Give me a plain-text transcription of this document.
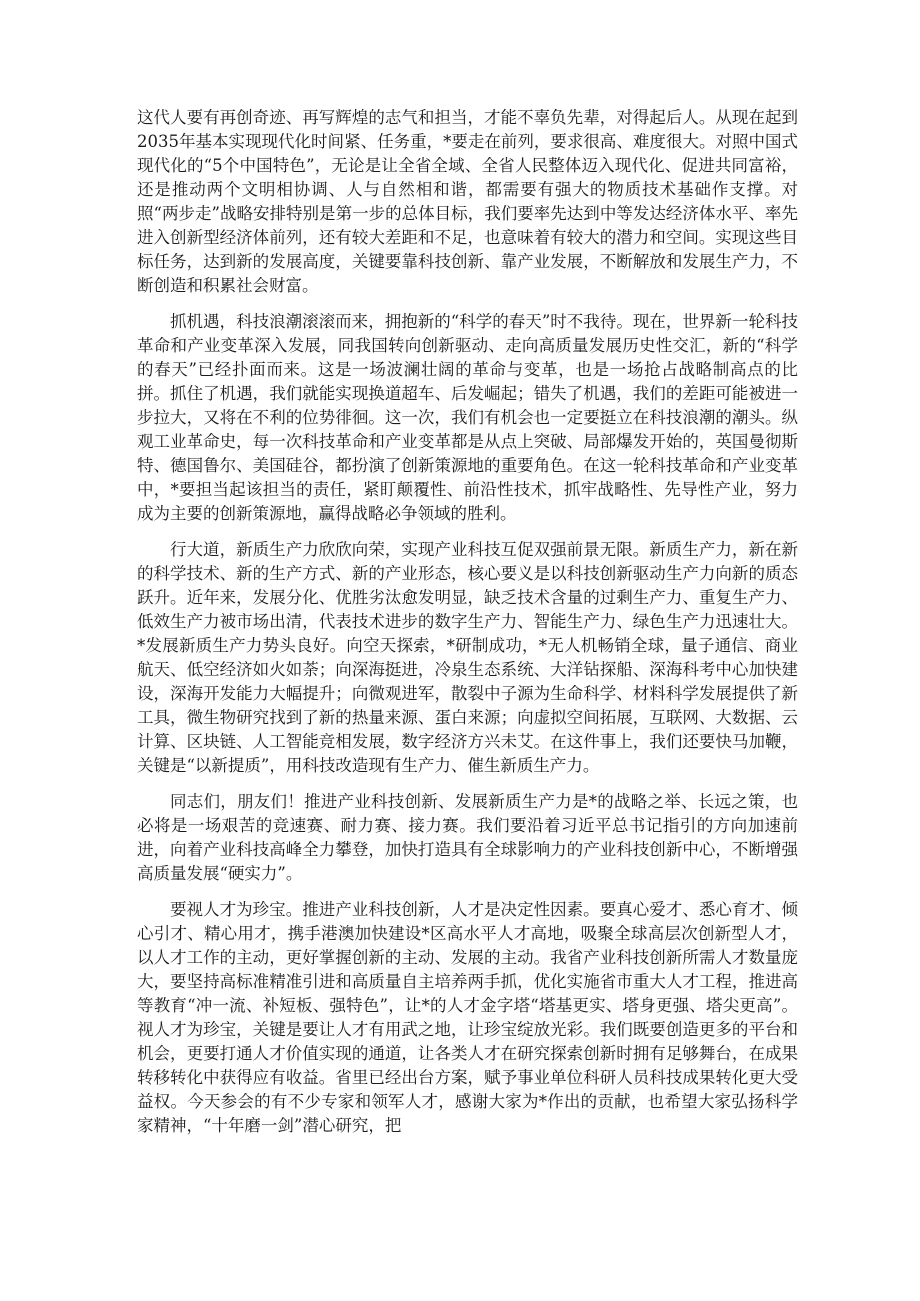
这代人要有再创奇迹、再写辉煌的志气和担当，才能不辜负先辈，对得起后人。从现在起到2035年基本实现现代化时间紧、任务重，*要走在前列，要求很高、难度很大。对照中国式现代化的“5个中国特色”，无论是让全省全域、全省人民整体迈入现代化、促进共同富裕，还是推动两个文明相协调、人与自然相和谐，都需要有强大的物质技术基础作支撑。对照“两步走”战略安排特别是第一步的总体目标，我们要率先达到中等发达经济体水平、率先进入创新型经济体前列，还有较大差距和不足，也意味着有较大的潜力和空间。实现这些目标任务，达到新的发展高度，关键要靠科技创新、靠产业发展，不断解放和发展生产力，不断创造和积累社会财富。

抓机遇，科技浪潮滚滚而来，拥抱新的“科学的春天”时不我待。现在，世界新一轮科技革命和产业变革深入发展，同我国转向创新驱动、走向高质量发展历史性交汇，新的“科学的春天”已经扑面而来。这是一场波澜壮阔的革命与变革，也是一场抢占战略制高点的比拼。抓住了机遇，我们就能实现换道超车、后发崛起；错失了机遇，我们的差距可能被进一步拉大，又将在不利的位势徘徊。这一次，我们有机会也一定要挺立在科技浪潮的潮头。纵观工业革命史，每一次科技革命和产业变革都是从点上突破、局部爆发开始的，英国曼彻斯特、德国鲁尔、美国硅谷，都扮演了创新策源地的重要角色。在这一轮科技革命和产业变革中，*要担当起该担当的责任，紧盯颠覆性、前沿性技术，抓牢战略性、先导性产业，努力成为主要的创新策源地，赢得战略必争领域的胜利。

行大道，新质生产力欣欣向荣，实现产业科技互促双强前景无限。新质生产力，新在新的科学技术、新的生产方式、新的产业形态，核心要义是以科技创新驱动生产力向新的质态跃升。近年来，发展分化、优胜劣汰愈发明显，缺乏技术含量的过剩生产力、重复生产力、低效生产力被市场出清，代表技术进步的数字生产力、智能生产力、绿色生产力迅速壮大。*发展新质生产力势头良好。向空天探索，*研制成功，*无人机畅销全球，量子通信、商业航天、低空经济如火如荼；向深海挺进，冷泉生态系统、大洋钻探船、深海科考中心加快建设，深海开发能力大幅提升；向微观进军，散裂中子源为生命科学、材料科学发展提供了新工具，微生物研究找到了新的热量来源、蛋白来源；向虚拟空间拓展，互联网、大数据、云计算、区块链、人工智能竞相发展，数字经济方兴未艾。在这件事上，我们还要快马加鞭，关键是“以新提质”，用科技改造现有生产力、催生新质生产力。

同志们，朋友们！推进产业科技创新、发展新质生产力是*的战略之举、长远之策，也必将是一场艰苦的竞速赛、耐力赛、接力赛。我们要沿着习近平总书记指引的方向加速前进，向着产业科技高峰全力攀登，加快打造具有全球影响力的产业科技创新中心，不断增强高质量发展“硬实力”。

要视人才为珍宝。推进产业科技创新，人才是决定性因素。要真心爱才、悉心育才、倾心引才、精心用才，携手港澳加快建设*区高水平人才高地，吸聚全球高层次创新型人才，以人才工作的主动，更好掌握创新的主动、发展的主动。我省产业科技创新所需人才数量庞大，要坚持高标准精准引进和高质量自主培养两手抓，优化实施省市重大人才工程，推进高等教育“冲一流、补短板、强特色”，让*的人才金字塔“塔基更实、塔身更强、塔尖更高”。视人才为珍宝，关键是要让人才有用武之地，让珍宝绽放光彩。我们既要创造更多的平台和机会，更要打通人才价值实现的通道，让各类人才在研究探索创新时拥有足够舞台，在成果转移转化中获得应有收益。省里已经出台方案，赋予事业单位科研人员科技成果转化更大受益权。今天参会的有不少专家和领军人才，感谢大家为*作出的贡献，也希望大家弘扬科学家精神，“十年磨一剑”潜心研究，把
